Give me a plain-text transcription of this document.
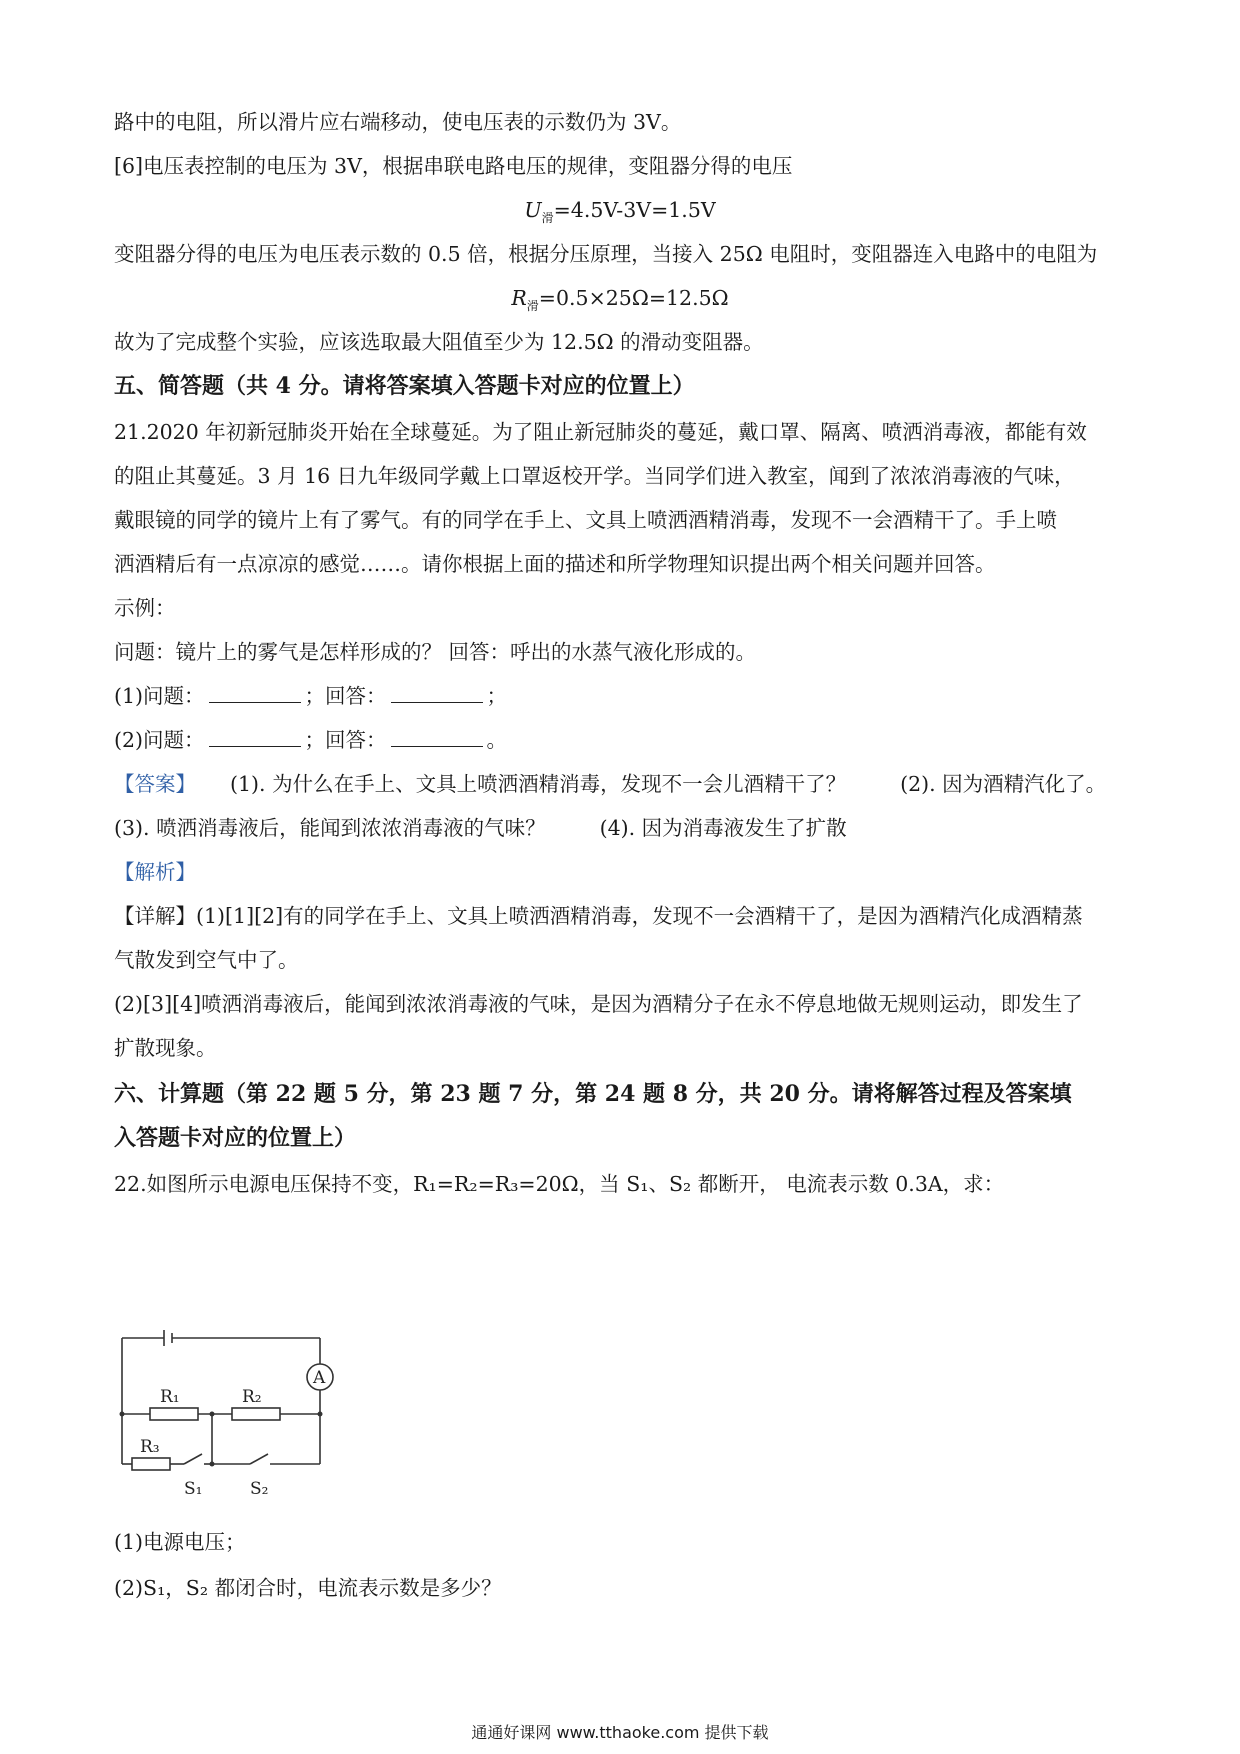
路中的电阻，所以滑片应右端移动，使电压表的示数仍为 3V。
[6]电压表控制的电压为 3V，根据串联电路电压的规律，变阻器分得的电压
$U_滑=4.5V-3V=1.5V$
变阻器分得的电压为电压表示数的 0.5 倍，根据分压原理，当接入 25Ω 电阻时，变阻器连入电路中的电阻为
$R_滑=0.5\times 25\Omega=12.5\Omega$
故为了完成整个实验，应该选取最大阻值至少为 12.5Ω 的滑动变阻器。
五、简答题（共 4 分。请将答案填入答题卡对应的位置上）
21.2020 年初新冠肺炎开始在全球蔓延。为了阻止新冠肺炎的蔓延，戴口罩、隔离、喷洒消毒液，都能有效
的阻止其蔓延。3 月 16 日九年级同学戴上口罩返校开学。当同学们进入教室，闻到了浓浓消毒液的气味，
戴眼镜的同学的镜片上有了雾气。有的同学在手上、文具上喷洒酒精消毒，发现不一会酒精干了。手上喷
洒酒精后有一点凉凉的感觉……。请你根据上面的描述和所学物理知识提出两个相关问题并回答。
示例：
问题：镜片上的雾气是怎样形成的？ 回答：呼出的水蒸气液化形成的。
(1)问题：	；回答：	；
(2)问题：	；回答：	。
【答案】 (1). 为什么在手上、文具上喷洒酒精消毒，发现不一会儿酒精干了？	(2). 因为酒精汽化了。
(3). 喷洒消毒液后，能闻到浓浓消毒液的气味？	(4). 因为消毒液发生了扩散
【解析】
【详解】(1)[1][2]有的同学在手上、文具上喷洒酒精消毒，发现不一会酒精干了，是因为酒精汽化成酒精蒸
气散发到空气中了。
(2)[3][4]喷洒消毒液后，能闻到浓浓消毒液的气味，是因为酒精分子在永不停息地做无规则运动，即发生了
扩散现象。
六、计算题（第 22 题 5 分，第 23 题 7 分，第 24 题 8 分，共 20 分。请将解答过程及答案填
入答题卡对应的位置上）
22.如图所示电源电压保持不变，R₁=R₂=R₃=20Ω，当 S₁、S₂ 都断开， 电流表示数 0.3A，求：
R₁	R₂
R₃
A
S₁	S₂
(1)电源电压；
(2)S₁，S₂ 都闭合时，电流表示数是多少？
通通好课网 www.tthaoke.com 提供下载
